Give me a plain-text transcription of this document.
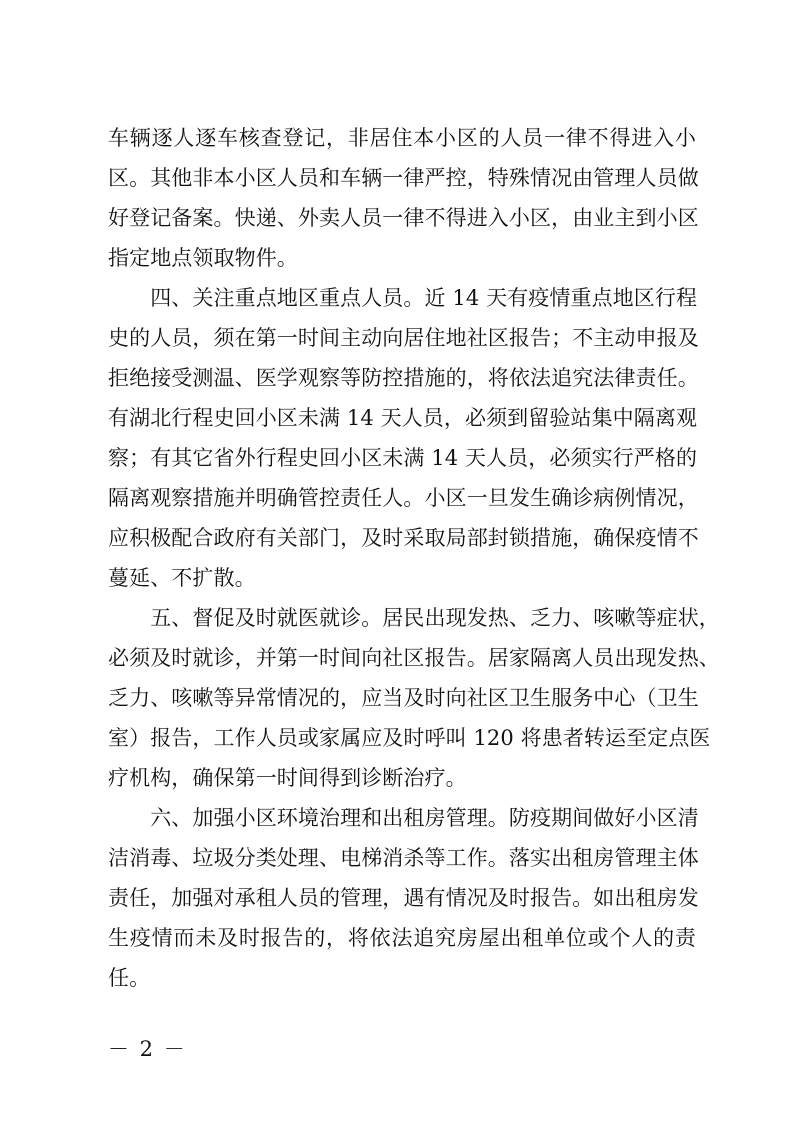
车辆逐人逐车核查登记，非居住本小区的人员一律不得进入小
区。其他非本小区人员和车辆一律严控，特殊情况由管理人员做
好登记备案。快递、外卖人员一律不得进入小区，由业主到小区
指定地点领取物件。
　　四、关注重点地区重点人员。近 14 天有疫情重点地区行程
史的人员，须在第一时间主动向居住地社区报告；不主动申报及
拒绝接受测温、医学观察等防控措施的，将依法追究法律责任。
有湖北行程史回小区未满 14 天人员，必须到留验站集中隔离观
察；有其它省外行程史回小区未满 14 天人员，必须实行严格的
隔离观察措施并明确管控责任人。小区一旦发生确诊病例情况，
应积极配合政府有关部门，及时采取局部封锁措施，确保疫情不
蔓延、不扩散。
　　五、督促及时就医就诊。居民出现发热、乏力、咳嗽等症状，
必须及时就诊，并第一时间向社区报告。居家隔离人员出现发热、
乏力、咳嗽等异常情况的，应当及时向社区卫生服务中心（卫生
室）报告，工作人员或家属应及时呼叫 120 将患者转运至定点医
疗机构，确保第一时间得到诊断治疗。
　　六、加强小区环境治理和出租房管理。防疫期间做好小区清
洁消毒、垃圾分类处理、电梯消杀等工作。落实出租房管理主体
责任，加强对承租人员的管理，遇有情况及时报告。如出租房发
生疫情而未及时报告的，将依法追究房屋出租单位或个人的责
任。
－ 2 －
